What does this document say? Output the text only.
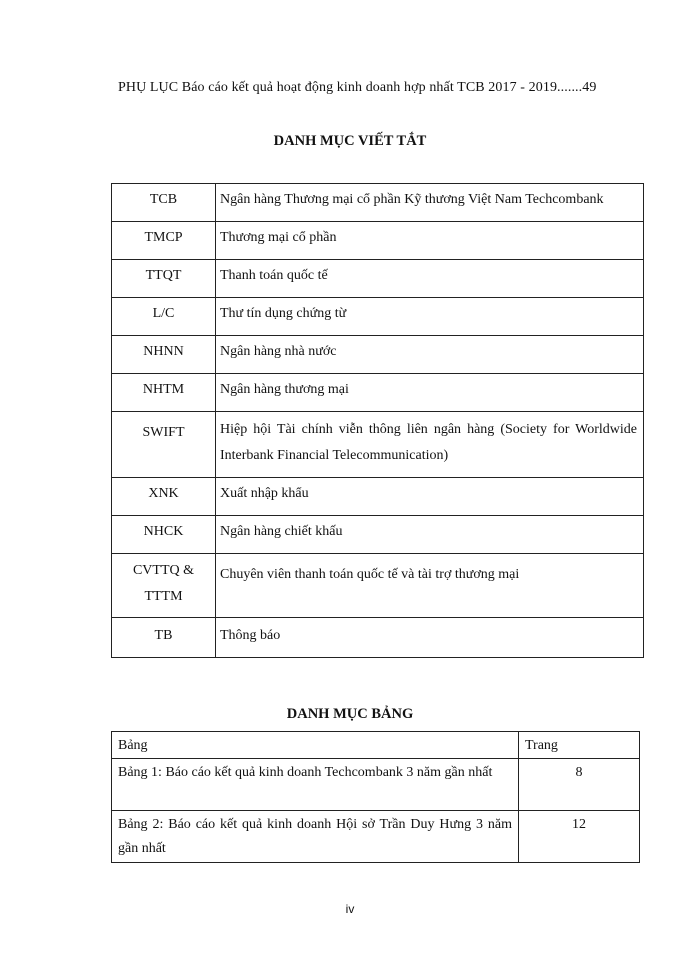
PHỤ LỤC Báo cáo kết quả hoạt động kinh doanh hợp nhất TCB 2017 - 2019.......49
DANH MỤC VIẾT TẮT
TCB	Ngân hàng Thương mại cổ phần Kỹ thương Việt Nam Techcombank
TMCP	Thương mại cổ phần
TTQT	Thanh toán quốc tế
L/C	Thư tín dụng chứng từ
NHNN	Ngân hàng nhà nước
NHTM	Ngân hàng thương mại
SWIFT	Hiệp hội Tài chính viễn thông liên ngân hàng (Society for Worldwide Interbank Financial Telecommunication)
XNK	Xuất nhập khẩu
NHCK	Ngân hàng chiết khấu
CVTTQ & TTTM	Chuyên viên thanh toán quốc tế và tài trợ thương mại
TB	Thông báo
DANH MỤC BẢNG
Bảng	Trang
Bảng 1: Báo cáo kết quả kinh doanh Techcombank 3 năm gần nhất	8
Bảng 2: Báo cáo kết quả kinh doanh Hội sở Trần Duy Hưng 3 năm gần nhất	12
iv
